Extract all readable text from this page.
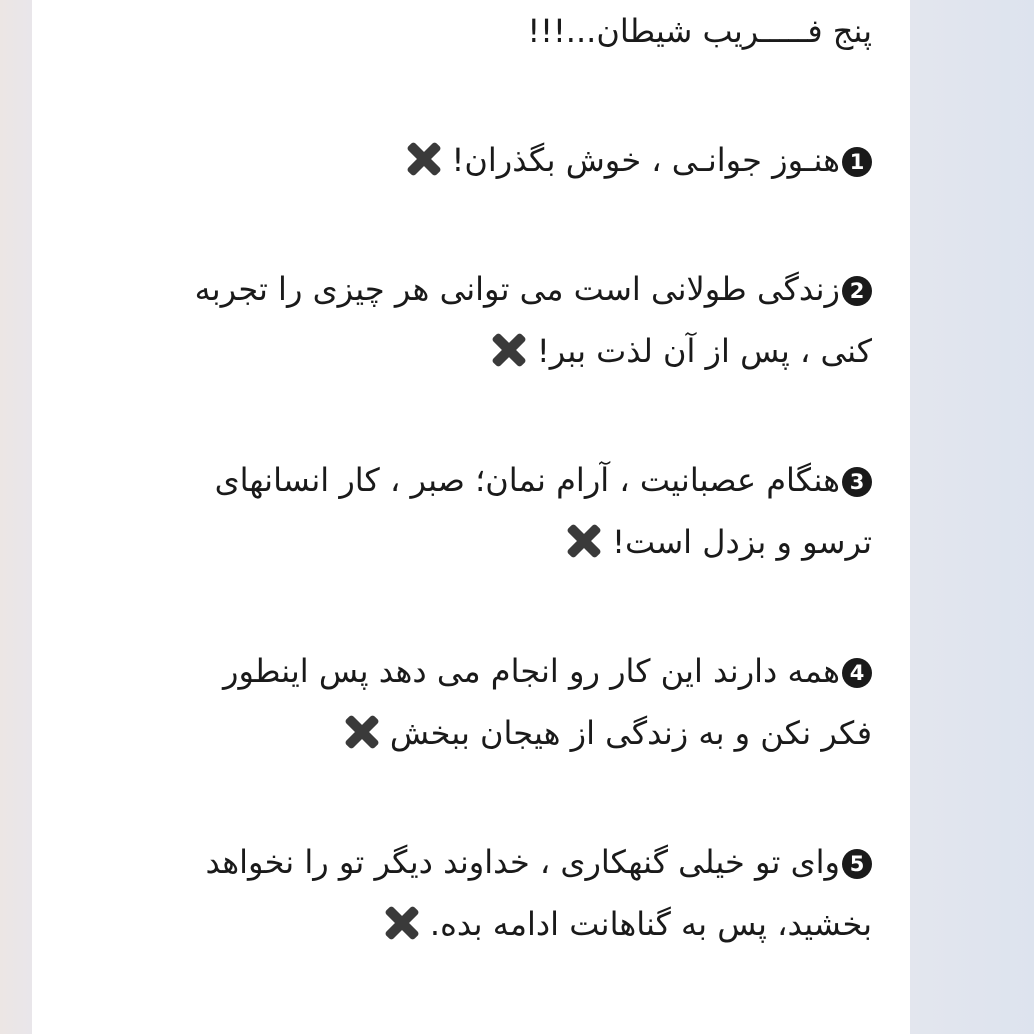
پنج فـــــریب شیطان...!!!
1هنـوز جوانـی ، خوش بگذران!
2زندگی طولانی است می توانی هر چیزی را تجربه
کنی ، پس از آن لذت ببر!
3هنگام عصبانیت ، آرام نمان؛ صبر ، کار انسانهای
ترسو و بزدل است!
4همه دارند این کار رو انجام می دهد پس اینطور
فکر نکن و به زندگی از هیجان ببخش
5وای تو خیلی گنهکاری ، خداوند دیگر تو را نخواهد
بخشید، پس به گناهانت ادامه بده.
